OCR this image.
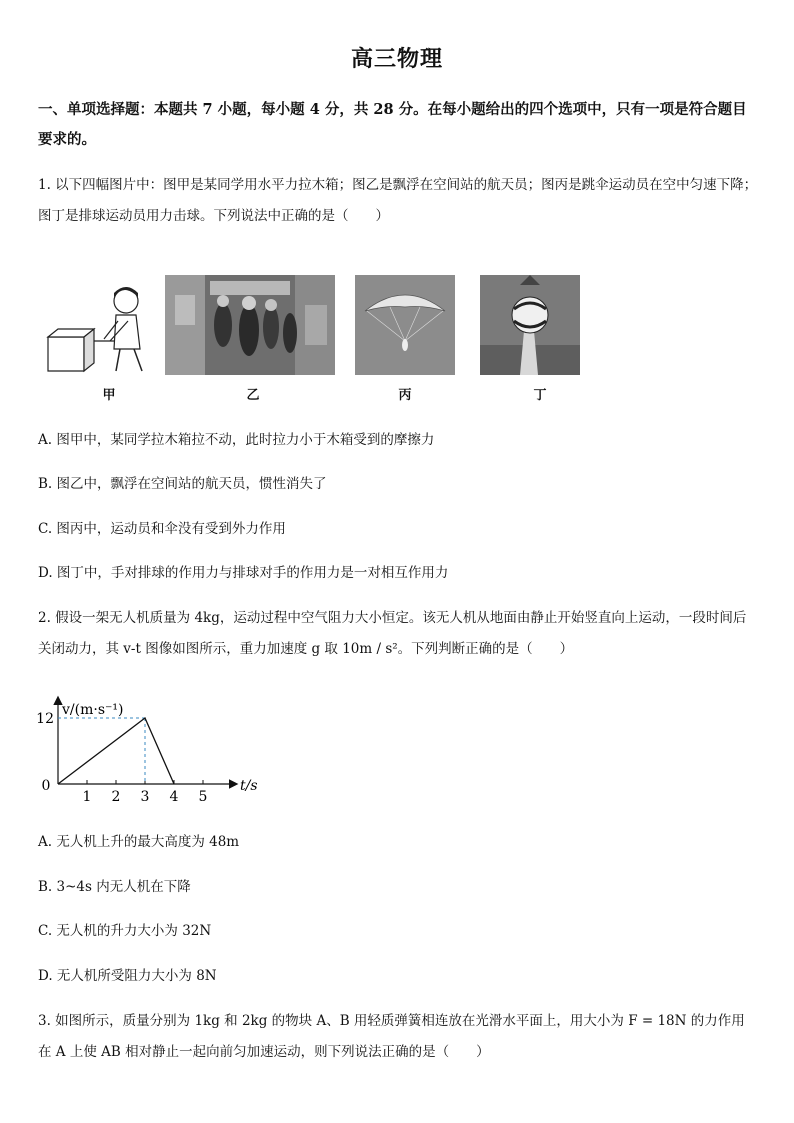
高三物理
一、单项选择题：本题共 7 小题，每小题 4 分，共 28 分。在每小题给出的四个选项中，只有一项是符合题目要求的。
1. 以下四幅图片中：图甲是某同学用水平力拉木箱；图乙是飘浮在空间站的航天员；图丙是跳伞运动员在空中匀速下降；图丁是排球运动员用力击球。下列说法中正确的是（　　）
甲	乙	丙	丁
A. 图甲中，某同学拉木箱拉不动，此时拉力小于木箱受到的摩擦力
B. 图乙中，飘浮在空间站的航天员，惯性消失了
C. 图丙中，运动员和伞没有受到外力作用
D. 图丁中，手对排球的作用力与排球对手的作用力是一对相互作用力
2. 假设一架无人机质量为 4kg，运动过程中空气阻力大小恒定。该无人机从地面由静止开始竖直向上运动，一段时间后关闭动力，其 v-t 图像如图所示，重力加速度 g 取 10m / s²。下列判断正确的是（　　）
v/(m·s⁻¹)
t/s
0
1 2 3 4 5
12
A. 无人机上升的最大高度为 48m
B. 3~4s 内无人机在下降
C. 无人机的升力大小为 32N
D. 无人机所受阻力大小为 8N
3. 如图所示，质量分别为 1kg 和 2kg 的物块 A、B 用轻质弹簧相连放在光滑水平面上，用大小为 F = 18N 的力作用在 A 上使 AB 相对静止一起向前匀加速运动，则下列说法正确的是（　　）
